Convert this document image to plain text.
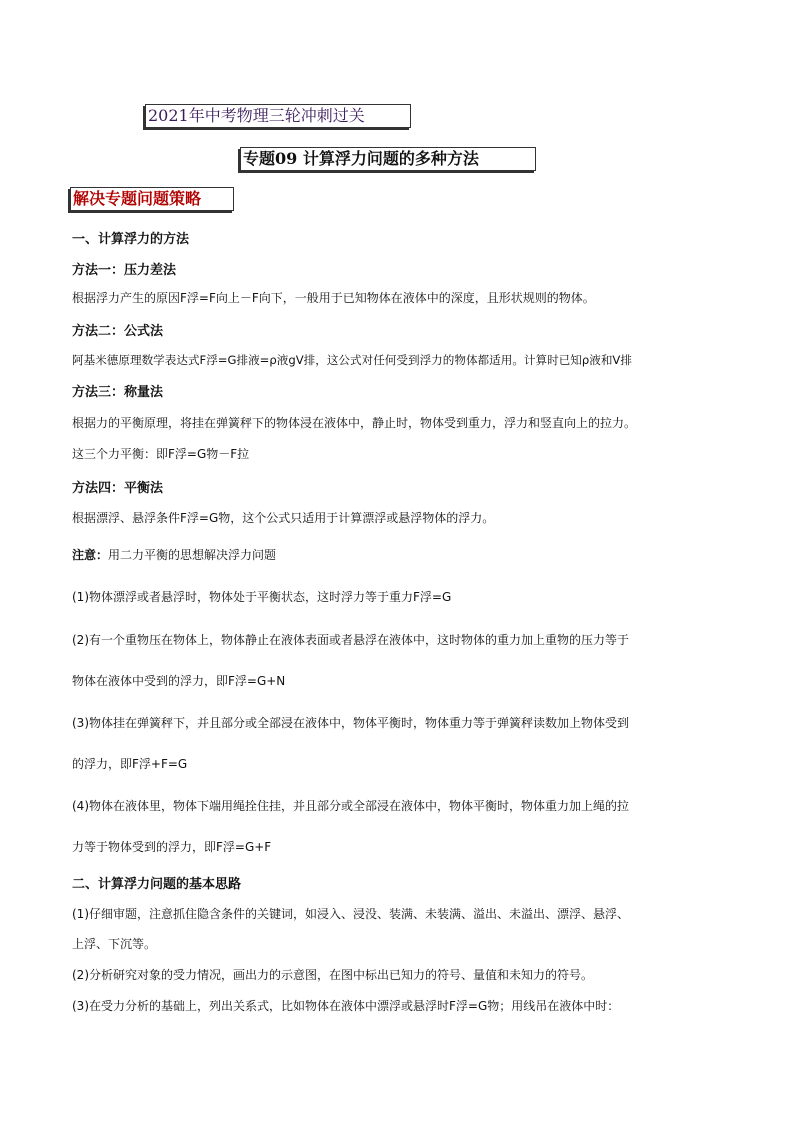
2021年中考物理三轮冲刺过关
专题09 计算浮力问题的多种方法
解决专题问题策略
一、计算浮力的方法
方法一：压力差法
根据浮力产生的原因F浮=F向上－F向下，一般用于已知物体在液体中的深度，且形状规则的物体。
方法二：公式法
阿基米德原理数学表达式F浮=G排液=ρ液gV排，这公式对任何受到浮力的物体都适用。计算时已知ρ液和V排
方法三：称量法
根据力的平衡原理，将挂在弹簧秤下的物体浸在液体中，静止时，物体受到重力，浮力和竖直向上的拉力。
这三个力平衡：即F浮=G物－F拉
方法四：平衡法
根据漂浮、悬浮条件F浮=G物，这个公式只适用于计算漂浮或悬浮物体的浮力。
注意：用二力平衡的思想解决浮力问题
(1)物体漂浮或者悬浮时，物体处于平衡状态，这时浮力等于重力F浮=G
(2)有一个重物压在物体上，物体静止在液体表面或者悬浮在液体中，这时物体的重力加上重物的压力等于
物体在液体中受到的浮力，即F浮=G+N
(3)物体挂在弹簧秤下，并且部分或全部浸在液体中，物体平衡时，物体重力等于弹簧秤读数加上物体受到
的浮力，即F浮+F=G
(4)物体在液体里，物体下端用绳拴住挂，并且部分或全部浸在液体中，物体平衡时，物体重力加上绳的拉
力等于物体受到的浮力，即F浮=G+F
二、计算浮力问题的基本思路
(1)仔细审题，注意抓住隐含条件的关键词，如浸入、浸没、装满、未装满、溢出、未溢出、漂浮、悬浮、
上浮、下沉等。
(2)分析研究对象的受力情况，画出力的示意图，在图中标出已知力的符号、量值和未知力的符号。
(3)在受力分析的基础上，列出关系式，比如物体在液体中漂浮或悬浮时F浮=G物；用线吊在液体中时：
